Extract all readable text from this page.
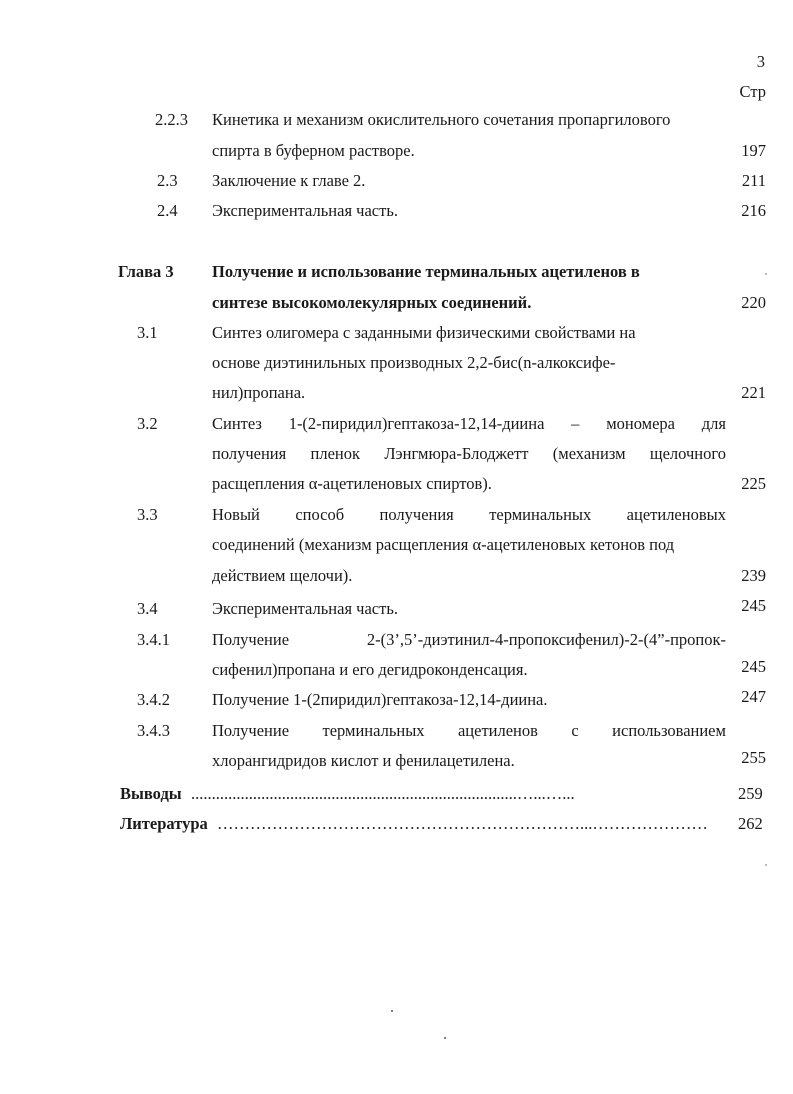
3
Стр
2.2.3 Кинетика и механизм окислительного сочетания пропаргилового
спирта в буферном растворе.	197
2.3 Заключение к главе 2.	211
2.4 Экспериментальная часть.	216
Глава 3 Получение и использование терминальных ацетиленов в
синтезе высокомолекулярных соединений.	220
3.1	Синтез олигомера с заданными физическими свойствами на
основе диэтинильных производных 2,2-бис(n-алкоксифе-
нил)пропана.	221
3.2	Синтез 1-(2-пиридил)гептакоза-12,14-диина – мономера для
получения пленок Лэнгмюра-Блоджетт (механизм щелочного
расщепления α-ацетиленовых спиртов).	225
3.3	Новый способ получения терминальных ацетиленовых
соединений (механизм расщепления α-ацетиленовых кетонов под
действием щелочи).	239
3.4	Экспериментальная часть.	245
3.4.1	Получение	2-(3’,5’-диэтинил-4-пропоксифенил)-2-(4”-пропок-
сифенил)пропана и его дегидроконденсация.	245
3.4.2	Получение 1-(2пиридил)гептакоза-12,14-диина.	247
3.4.3	Получение терминальных ацетиленов с использованием
хлорангидридов кислот и фенилацетилена.	255
Выводы ...............................................................................…...…...	259
Литература …………………………………………………………...…………………	262
